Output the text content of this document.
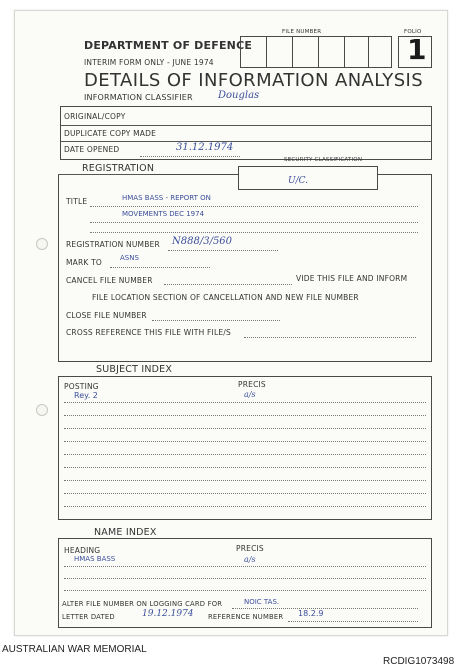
DEPARTMENT OF DEFENCE
INTERIM FORM ONLY - JUNE 1974
FILE NUMBER	FOLIO
1
DETAILS OF INFORMATION ANALYSIS
INFORMATION CLASSIFIER	Douglas
ORIGINAL/COPY
DUPLICATE COPY MADE
DATE OPENED	31.12.1974
REGISTRATION
SECURITY CLASSIFICATION
U/C.
TITLE	HMAS BASS - REPORT ON
MOVEMENTS DEC 1974
REGISTRATION NUMBER N888/3/560
MARK TO	ASNS
CANCEL FILE NUMBER	VIDE THIS FILE AND INFORM
FILE LOCATION SECTION OF CANCELLATION AND NEW FILE NUMBER
CLOSE FILE NUMBER
CROSS REFERENCE THIS FILE WITH FILE/S
SUBJECT INDEX
POSTING
Rey. 2
PRECIS
a/s
NAME INDEX
HEADING
HMAS BASS
PRECIS
a/s
ALTER FILE NUMBER ON LOGGING CARD FOR	NOIC TAS.
LETTER DATED	19.12.1974 REFERENCE NUMBER 18.2.9
AUSTRALIAN WAR MEMORIAL
RCDIG1073498
